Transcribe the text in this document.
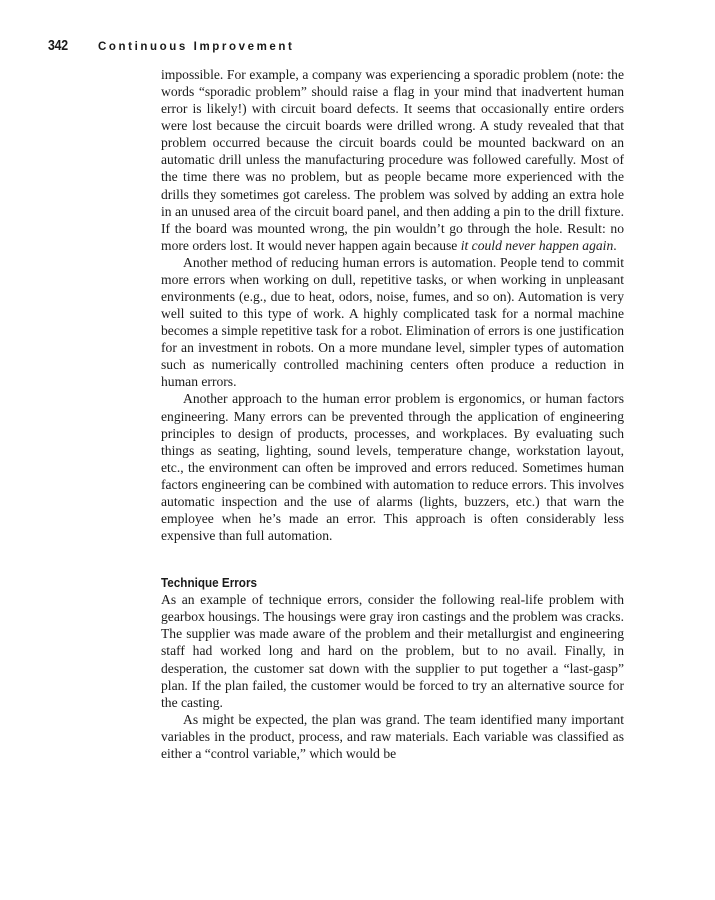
342	Continuous Improvement

impossible. For example, a company was experiencing a sporadic problem (note: the words “sporadic problem” should raise a flag in your mind that inadvertent human error is likely!) with circuit board defects. It seems that occasionally entire orders were lost because the circuit boards were drilled wrong. A study revealed that that problem occurred because the circuit boards could be mounted backward on an automatic drill unless the manufacturing procedure was followed carefully. Most of the time there was no problem, but as people became more experienced with the drills they sometimes got careless. The problem was solved by adding an extra hole in an unused area of the circuit board panel, and then adding a pin to the drill fixture. If the board was mounted wrong, the pin wouldn’t go through the hole. Result: no more orders lost. It would never happen again because it could never happen again.

Another method of reducing human errors is automation. People tend to commit more errors when working on dull, repetitive tasks, or when working in unpleasant environments (e.g., due to heat, odors, noise, fumes, and so on). Automation is very well suited to this type of work. A highly complicated task for a normal machine becomes a simple repetitive task for a robot. Elimination of errors is one justification for an investment in robots. On a more mundane level, simpler types of automation such as numerically controlled machining centers often produce a reduction in human errors.

Another approach to the human error problem is ergonomics, or human factors engineering. Many errors can be prevented through the application of engineering principles to design of products, processes, and workplaces. By evaluating such things as seating, lighting, sound levels, temperature change, workstation layout, etc., the environment can often be improved and errors reduced. Sometimes human factors engineering can be combined with automation to reduce errors. This involves automatic inspection and the use of alarms (lights, buzzers, etc.) that warn the employee when he’s made an error. This approach is often considerably less expensive than full automation.

Technique Errors

As an example of technique errors, consider the following real-life problem with gearbox housings. The housings were gray iron castings and the problem was cracks. The supplier was made aware of the problem and their metallurgist and engineering staff had worked long and hard on the problem, but to no avail. Finally, in desperation, the customer sat down with the supplier to put together a “last-gasp” plan. If the plan failed, the customer would be forced to try an alternative source for the casting.

As might be expected, the plan was grand. The team identified many important variables in the product, process, and raw materials. Each variable was classified as either a “control variable,” which would be
